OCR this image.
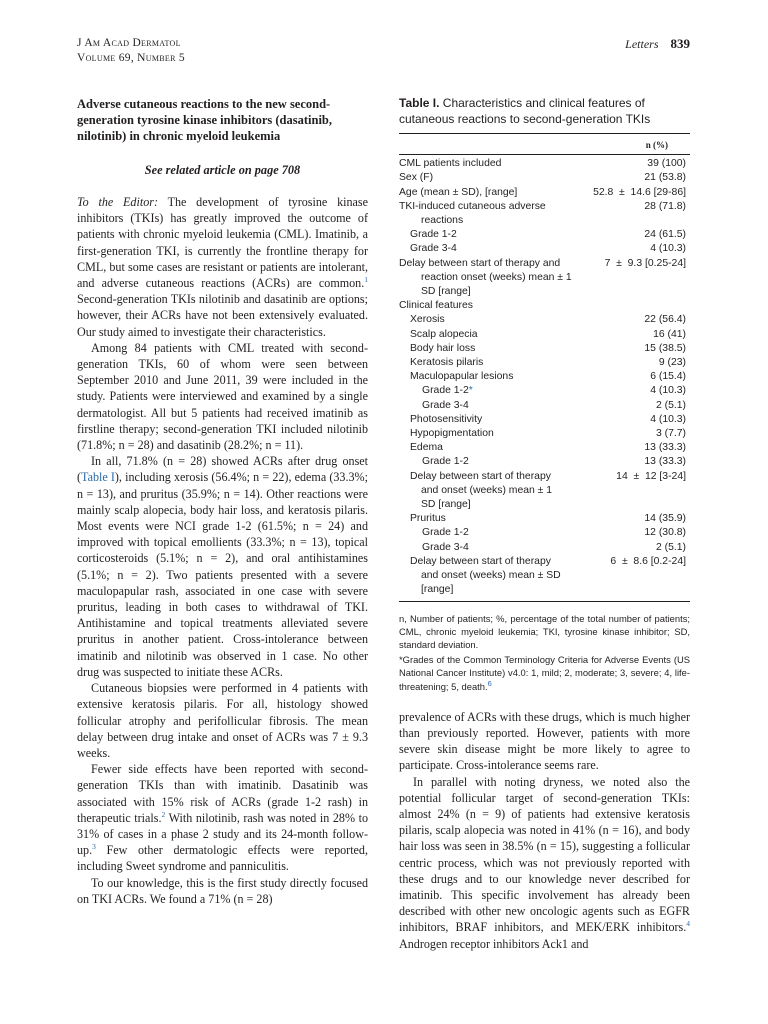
J Am Acad Dermatol
Volume 69, Number 5
Letters 839
Adverse cutaneous reactions to the new second-generation tyrosine kinase inhibitors (dasatinib, nilotinib) in chronic myeloid leukemia
See related article on page 708

To the Editor: The development of tyrosine kinase inhibitors (TKIs) has greatly improved the outcome of patients with chronic myeloid leukemia (CML). Imatinib, a first-generation TKI, is currently the frontline therapy for CML, but some cases are resistant or patients are intolerant, and adverse cutaneous reactions (ACRs) are common.$^1$ Second-generation TKIs nilotinib and dasatinib are options; however, their ACRs have not been extensively evaluated. Our study aimed to investigate their characteristics.

Among 84 patients with CML treated with second-generation TKIs, 60 of whom were seen between September 2010 and June 2011, 39 were included in the study. Patients were interviewed and examined by a single dermatologist. All but 5 patients had received imatinib as firstline therapy; second-generation TKI included nilotinib (71.8%; n = 28) and dasatinib (28.2%; n = 11).

In all, 71.8% (n = 28) showed ACRs after drug onset (Table I), including xerosis (56.4%; n = 22), edema (33.3%; n = 13), and pruritus (35.9%; n = 14). Other reactions were mainly scalp alopecia, body hair loss, and keratosis pilaris. Most events were NCI grade 1-2 (61.5%; n = 24) and improved with topical emollients (33.3%; n = 13), topical corticosteroids (5.1%; n = 2), and oral antihistamines (5.1%; n = 2). Two patients presented with a severe maculopapular rash, associated in one case with severe pruritus, leading in both cases to withdrawal of TKI. Antihistamine and topical treatments alleviated severe pruritus in another patient. Cross-intolerance between imatinib and nilotinib was observed in 1 case. No other drug was suspected to initiate these ACRs.

Cutaneous biopsies were performed in 4 patients with extensive keratosis pilaris. For all, histology showed follicular atrophy and perifollicular fibrosis. The mean delay between drug intake and onset of ACRs was 7 ± 9.3 weeks.

Fewer side effects have been reported with second-generation TKIs than with imatinib. Dasatinib was associated with 15% risk of ACRs (grade 1-2 rash) in therapeutic trials.$^2$ With nilotinib, rash was noted in 28% to 31% of cases in a phase 2 study and its 24-month follow-up.$^3$ Few other dermatologic effects were reported, including Sweet syndrome and panniculitis.

To our knowledge, this is the first study directly focused on TKI ACRs. We found a 71% (n = 28)

Table I. Characteristics and clinical features of cutaneous reactions to second-generation TKIs

n (%)
CML patients included	39 (100)
Sex (F)	21 (53.8)
Age (mean ± SD), [range]	52.8  ±  14.6 [29-86]
TKI-induced cutaneous adverse	28 (71.8)
reactions
Grade 1-2	24 (61.5)
Grade 3-4	4 (10.3)
Delay between start of therapy and	7  ±  9.3 [0.25-24]
reaction onset (weeks) mean ± 1
SD [range]
Clinical features
Xerosis	22 (56.4)
Scalp alopecia	16 (41)
Body hair loss	15 (38.5)
Keratosis pilaris	9 (23)
Maculopapular lesions	6 (15.4)
Grade 1-2*	4 (10.3)
Grade 3-4	2 (5.1)
Photosensitivity	4 (10.3)
Hypopigmentation	3 (7.7)
Edema	13 (33.3)
Grade 1-2	13 (33.3)
Delay between start of therapy	14  ±  12 [3-24]
and onset (weeks) mean ± 1
SD [range]
Pruritus	14 (35.9)
Grade 1-2	12 (30.8)
Grade 3-4	2 (5.1)
Delay between start of therapy	6  ±  8.6 [0.2-24]
and onset (weeks) mean ± SD
[range]

n, Number of patients; %, percentage of the total number of patients; CML, chronic myeloid leukemia; TKI, tyrosine kinase inhibitor; SD, standard deviation.

*Grades of the Common Terminology Criteria for Adverse Events (US National Cancer Institute) v4.0: 1, mild; 2, moderate; 3, severe; 4, life-threatening; 5, death.$^6$

prevalence of ACRs with these drugs, which is much higher than previously reported. However, patients with more severe skin disease might be more likely to agree to participate. Cross-intolerance seems rare.

In parallel with noting dryness, we noted also the potential follicular target of second-generation TKIs: almost 24% (n = 9) of patients had extensive keratosis pilaris, scalp alopecia was noted in 41% (n = 16), and body hair loss was seen in 38.5% (n = 15), suggesting a follicular centric process, which was not previously reported with these drugs and to our knowledge never described for imatinib. This specific involvement has already been described with other new oncologic agents such as EGFR inhibitors, BRAF inhibitors, and MEK/ERK inhibitors.$^4$ Androgen receptor inhibitors Ack1 and
